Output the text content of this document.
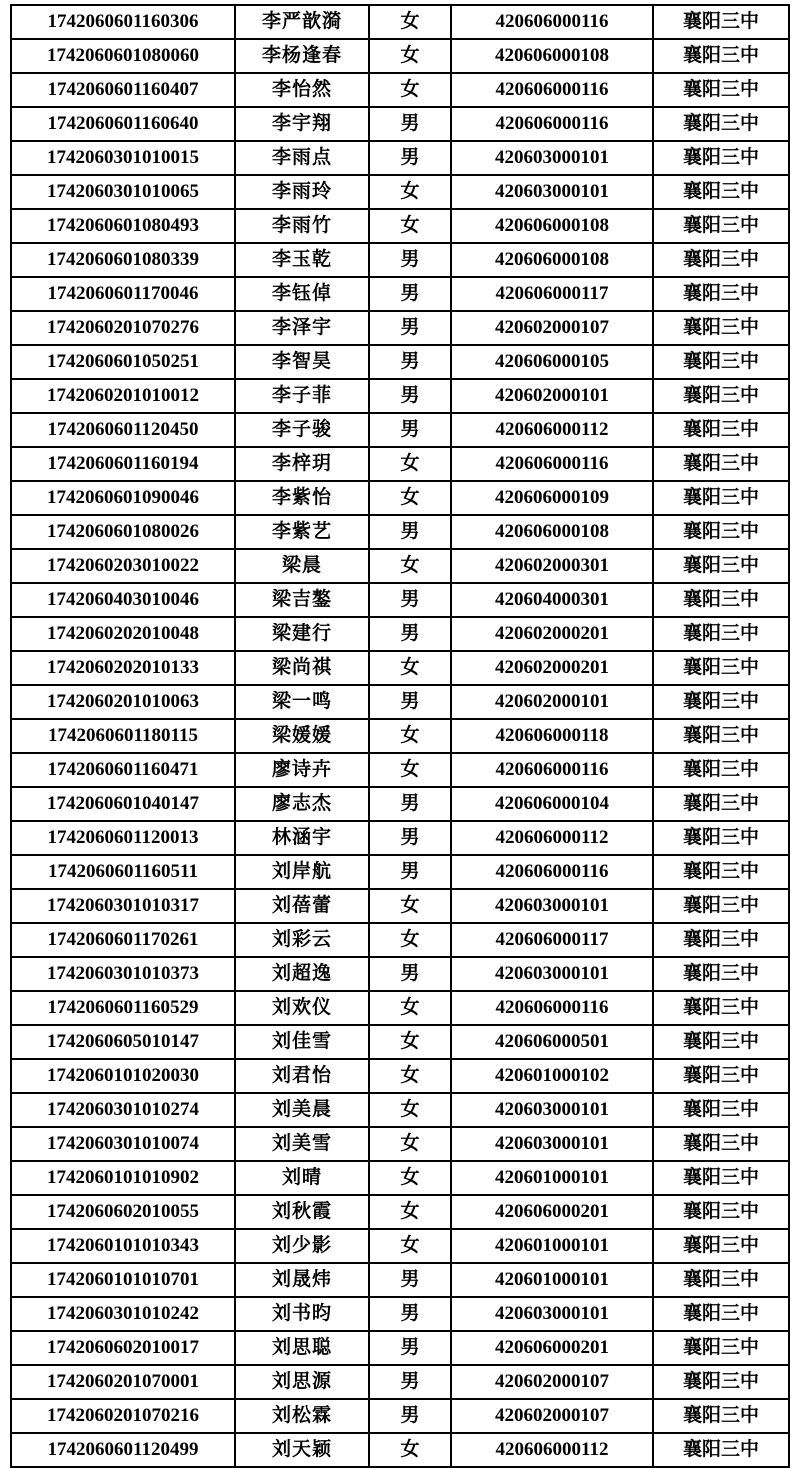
1742060601160306	李严歆漪	女	420606000116	襄阳三中
1742060601080060	李杨逢春	女	420606000108	襄阳三中
1742060601160407	李怡然	女	420606000116	襄阳三中
1742060601160640	李宇翔	男	420606000116	襄阳三中
1742060301010015	李雨点	男	420603000101	襄阳三中
1742060301010065	李雨玲	女	420603000101	襄阳三中
1742060601080493	李雨竹	女	420606000108	襄阳三中
1742060601080339	李玉乾	男	420606000108	襄阳三中
1742060601170046	李钰倬	男	420606000117	襄阳三中
1742060201070276	李泽宇	男	420602000107	襄阳三中
1742060601050251	李智昊	男	420606000105	襄阳三中
1742060201010012	李子菲	男	420602000101	襄阳三中
1742060601120450	李子骏	男	420606000112	襄阳三中
1742060601160194	李梓玥	女	420606000116	襄阳三中
1742060601090046	李紫怡	女	420606000109	襄阳三中
1742060601080026	李紫艺	男	420606000108	襄阳三中
1742060203010022	梁晨	女	420602000301	襄阳三中
1742060403010046	梁吉鏊	男	420604000301	襄阳三中
1742060202010048	梁建行	男	420602000201	襄阳三中
1742060202010133	梁尚祺	女	420602000201	襄阳三中
1742060201010063	梁一鸣	男	420602000101	襄阳三中
1742060601180115	梁媛媛	女	420606000118	襄阳三中
1742060601160471	廖诗卉	女	420606000116	襄阳三中
1742060601040147	廖志杰	男	420606000104	襄阳三中
1742060601120013	林涵宇	男	420606000112	襄阳三中
1742060601160511	刘岸航	男	420606000116	襄阳三中
1742060301010317	刘蓓蕾	女	420603000101	襄阳三中
1742060601170261	刘彩云	女	420606000117	襄阳三中
1742060301010373	刘超逸	男	420603000101	襄阳三中
1742060601160529	刘欢仪	女	420606000116	襄阳三中
1742060605010147	刘佳雪	女	420606000501	襄阳三中
1742060101020030	刘君怡	女	420601000102	襄阳三中
1742060301010274	刘美晨	女	420603000101	襄阳三中
1742060301010074	刘美雪	女	420603000101	襄阳三中
1742060101010902	刘晴	女	420601000101	襄阳三中
1742060602010055	刘秋霞	女	420606000201	襄阳三中
1742060101010343	刘少影	女	420601000101	襄阳三中
1742060101010701	刘晟炜	男	420601000101	襄阳三中
1742060301010242	刘书昀	男	420603000101	襄阳三中
1742060602010017	刘思聪	男	420606000201	襄阳三中
1742060201070001	刘思源	男	420602000107	襄阳三中
1742060201070216	刘松霖	男	420602000107	襄阳三中
1742060601120499	刘天颖	女	420606000112	襄阳三中
